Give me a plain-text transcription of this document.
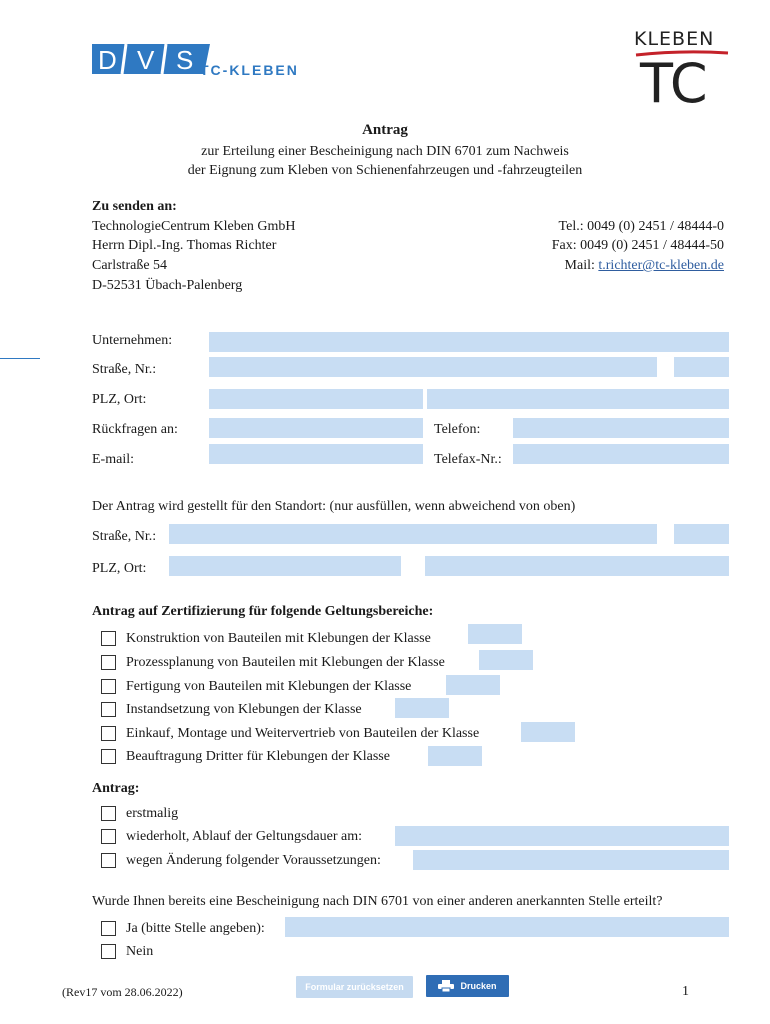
D V S TC-KLEBEN
KLEBEN
TC
Antrag
zur Erteilung einer Bescheinigung nach DIN 6701 zum Nachweis
der Eignung zum Kleben von Schienenfahrzeugen und -fahrzeugteilen
Zu senden an:
TechnologieCentrum Kleben GmbH
Herrn Dipl.-Ing. Thomas Richter
Carlstraße 54
D-52531 Übach-Palenberg
Tel.: 0049 (0) 2451 / 48444-0
Fax: 0049 (0) 2451 / 48444-50
Mail: t.richter@tc-kleben.de
Unternehmen:
Straße, Nr.:
PLZ, Ort:
Rückfragen an:	Telefon:
E-mail:	Telefax-Nr.:
Der Antrag wird gestellt für den Standort: (nur ausfüllen, wenn abweichend von oben)
Straße, Nr.:
PLZ, Ort:
Antrag auf Zertifizierung für folgende Geltungsbereiche:
Konstruktion von Bauteilen mit Klebungen der Klasse
Prozessplanung von Bauteilen mit Klebungen der Klasse
Fertigung von Bauteilen mit Klebungen der Klasse
Instandsetzung von Klebungen der Klasse
Einkauf, Montage und Weitervertrieb von Bauteilen der Klasse
Beauftragung Dritter für Klebungen der Klasse
Antrag:
erstmalig
wiederholt, Ablauf der Geltungsdauer am:
wegen Änderung folgender Voraussetzungen:
Wurde Ihnen bereits eine Bescheinigung nach DIN 6701 von einer anderen anerkannten Stelle erteilt?
Ja (bitte Stelle angeben):
Nein
(Rev17 vom 28.06.2022)	Formular zurücksetzen	Drucken	1
